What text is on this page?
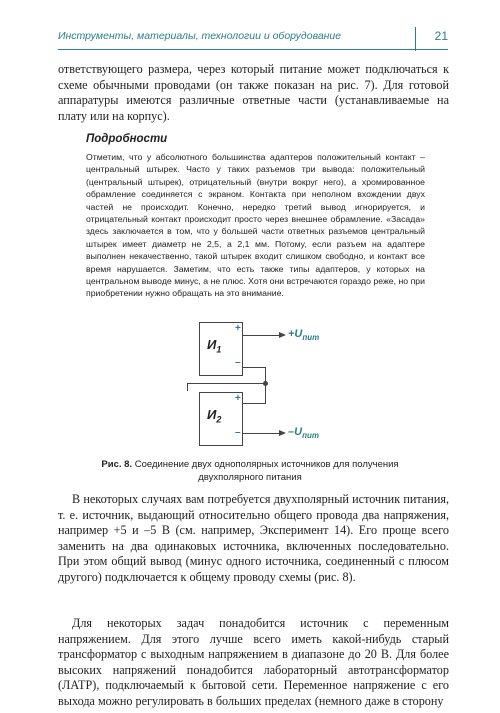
Инструменты, материалы, технологии и оборудование	21
ответствующего размера, через который питание может подключаться к схеме обычными проводами (он также показан на рис. 7). Для готовой аппаратуры имеются различные ответные части (устанавливаемые на плату или на корпус).
Подробности
Отметим, что у абсолютного большинства адаптеров положительный контакт – центральный штырек. Часто у таких разъемов три вывода: положительный (центральный штырек), отрицательный (внутри вокруг него), а хромированное обрамление соединяется с экраном. Контакта при неполном вхождении двух частей не происходит. Конечно, нередко третий вывод игнорируется, и отрицательный контакт происходит просто через внешнее обрамление. «Засада» здесь заключается в том, что у большей части ответных разъемов центральный штырек имеет диаметр не 2,5, а 2,1 мм. Потому, если разъем на адаптере выполнен некачественно, такой штырек входит слишком свободно, и контакт все время нарушается. Заметим, что есть также типы адаптеров, у которых на центральном выводе минус, а не плюс. Хотя они встречаются гораздо реже, но при приобретении нужно обращать на это внимание.
$И_1$
+
–
$И_2$
+
–
$+U_{пит}$
$-U_{пит}$
Рис. 8. Соединение двух однополярных источников для получения двухполярного питания
В некоторых случаях вам потребуется двухполярный источник питания, т. е. источник, выдающий относительно общего провода два напряжения, например +5 и –5 В (см. например, Эксперимент 14). Его проще всего заменить на два одинаковых источника, включенных последовательно. При этом общий вывод (минус одного источника, соединенный с плюсом другого) подключается к общему проводу схемы (рис. 8).
Для некоторых задач понадобится источник с переменным напряжением. Для этого лучше всего иметь какой-нибудь старый трансформатор с выходным напряжением в диапазоне до 20 В. Для более высоких напряжений понадобится лабораторный автотрансформатор (ЛАТР), подключаемый к бытовой сети. Переменное напряжение с его выхода можно регулировать в больших пределах (немного даже в сторону
